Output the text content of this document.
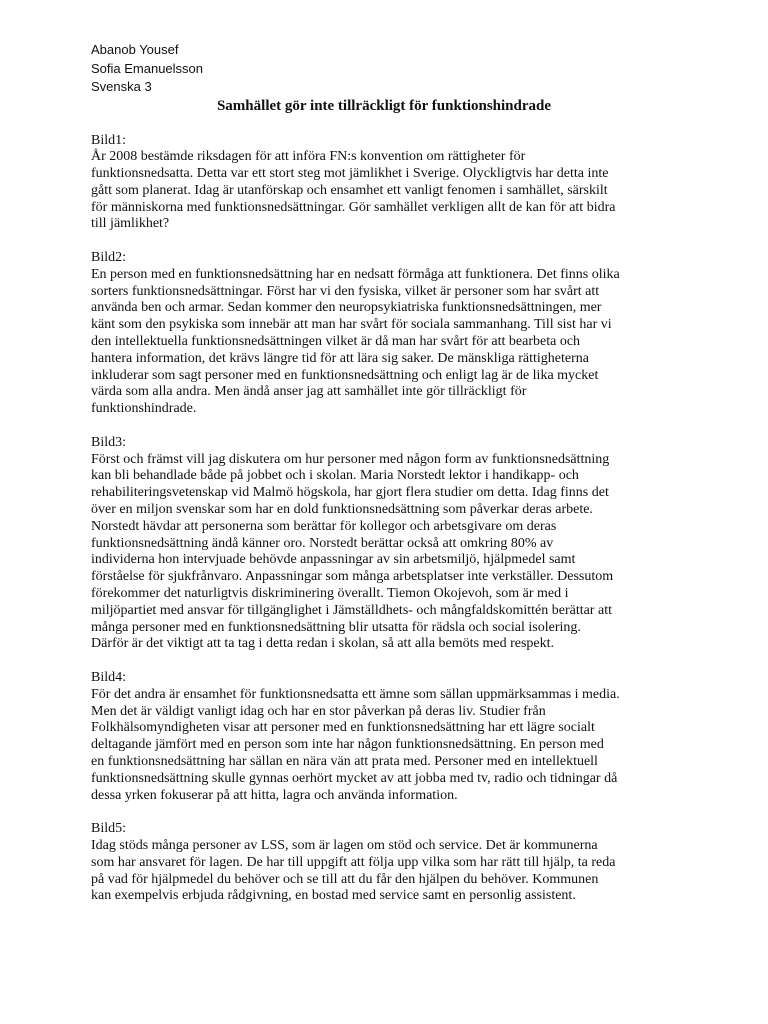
Abanob Yousef
Sofia Emanuelsson
Svenska 3
Samhället gör inte tillräckligt för funktionshindrade
Bild1:
År 2008 bestämde riksdagen för att införa FN:s konvention om rättigheter för
funktionsnedsatta. Detta var ett stort steg mot jämlikhet i Sverige. Olyckligtvis har detta inte
gått som planerat. Idag är utanförskap och ensamhet ett vanligt fenomen i samhället, särskilt
för människorna med funktionsnedsättningar. Gör samhället verkligen allt de kan för att bidra
till jämlikhet?
Bild2:
En person med en funktionsnedsättning har en nedsatt förmåga att funktionera. Det finns olika
sorters funktionsnedsättningar. Först har vi den fysiska, vilket är personer som har svårt att
använda ben och armar. Sedan kommer den neuropsykiatriska funktionsnedsättningen, mer
känt som den psykiska som innebär att man har svårt för sociala sammanhang. Till sist har vi
den intellektuella funktionsnedsättningen vilket är då man har svårt för att bearbeta och
hantera information, det krävs längre tid för att lära sig saker. De mänskliga rättigheterna
inkluderar som sagt personer med en funktionsnedsättning och enligt lag är de lika mycket
värda som alla andra. Men ändå anser jag att samhället inte gör tillräckligt för
funktionshindrade.
Bild3:
Först och främst vill jag diskutera om hur personer med någon form av funktionsnedsättning
kan bli behandlade både på jobbet och i skolan. Maria Norstedt lektor i handikapp- och
rehabiliteringsvetenskap vid Malmö högskola, har gjort flera studier om detta. Idag finns det
över en miljon svenskar som har en dold funktionsnedsättning som påverkar deras arbete.
Norstedt hävdar att personerna som berättar för kollegor och arbetsgivare om deras
funktionsnedsättning ändå känner oro. Norstedt berättar också att omkring 80% av
individerna hon intervjuade behövde anpassningar av sin arbetsmiljö, hjälpmedel samt
förståelse för sjukfrånvaro. Anpassningar som många arbetsplatser inte verkställer. Dessutom
förekommer det naturligtvis diskriminering överallt. Tiemon Okojevoh, som är med i
miljöpartiet med ansvar för tillgänglighet i Jämställdhets- och mångfaldskomittén berättar att
många personer med en funktionsnedsättning blir utsatta för rädsla och social isolering.
Därför är det viktigt att ta tag i detta redan i skolan, så att alla bemöts med respekt.
Bild4:
För det andra är ensamhet för funktionsnedsatta ett ämne som sällan uppmärksammas i media.
Men det är väldigt vanligt idag och har en stor påverkan på deras liv. Studier från
Folkhälsomyndigheten visar att personer med en funktionsnedsättning har ett lägre socialt
deltagande jämfört med en person som inte har någon funktionsnedsättning. En person med
en funktionsnedsättning har sällan en nära vän att prata med. Personer med en intellektuell
funktionsnedsättning skulle gynnas oerhört mycket av att jobba med tv, radio och tidningar då
dessa yrken fokuserar på att hitta, lagra och använda information.
Bild5:
Idag stöds många personer av LSS, som är lagen om stöd och service. Det är kommunerna
som har ansvaret för lagen. De har till uppgift att följa upp vilka som har rätt till hjälp, ta reda
på vad för hjälpmedel du behöver och se till att du får den hjälpen du behöver. Kommunen
kan exempelvis erbjuda rådgivning, en bostad med service samt en personlig assistent.
